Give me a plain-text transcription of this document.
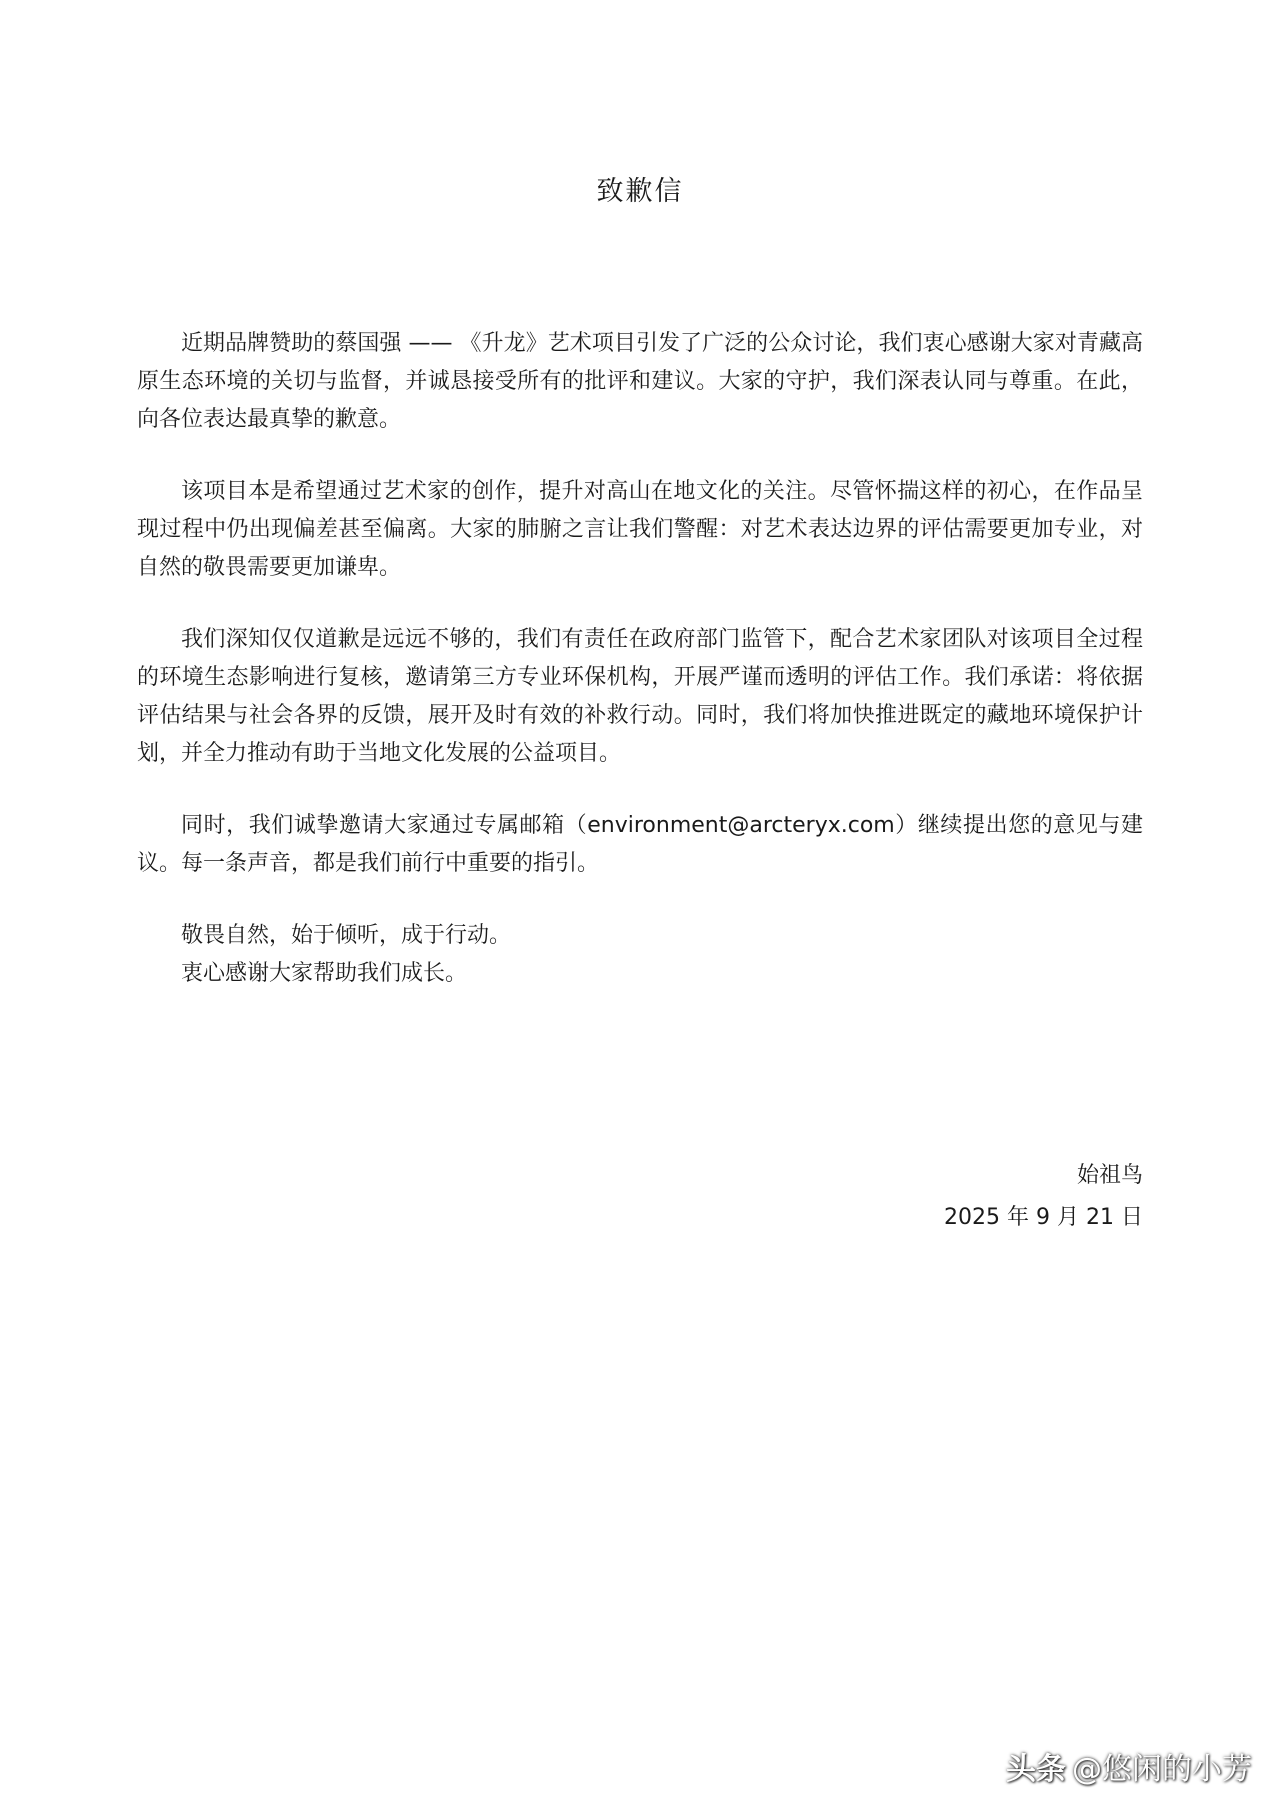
致歉信

近期品牌赞助的蔡国强 —— 《升龙》艺术项目引发了广泛的公众讨论，我们衷心感谢大家对青藏高原生态环境的关切与监督，并诚恳接受所有的批评和建议。大家的守护，我们深表认同与尊重。在此，向各位表达最真挚的歉意。

该项目本是希望通过艺术家的创作，提升对高山在地文化的关注。尽管怀揣这样的初心，在作品呈现过程中仍出现偏差甚至偏离。大家的肺腑之言让我们警醒：对艺术表达边界的评估需要更加专业，对自然的敬畏需要更加谦卑。

我们深知仅仅道歉是远远不够的，我们有责任在政府部门监管下，配合艺术家团队对该项目全过程的环境生态影响进行复核，邀请第三方专业环保机构，开展严谨而透明的评估工作。我们承诺：将依据评估结果与社会各界的反馈，展开及时有效的补救行动。同时，我们将加快推进既定的藏地环境保护计划，并全力推动有助于当地文化发展的公益项目。

同时，我们诚挚邀请大家通过专属邮箱（environment@arcteryx.com）继续提出您的意见与建议。每一条声音，都是我们前行中重要的指引。

敬畏自然，始于倾听，成于行动。

衷心感谢大家帮助我们成长。

始祖鸟
2025 年 9 月 21 日
头条 @悠闲的小芳
